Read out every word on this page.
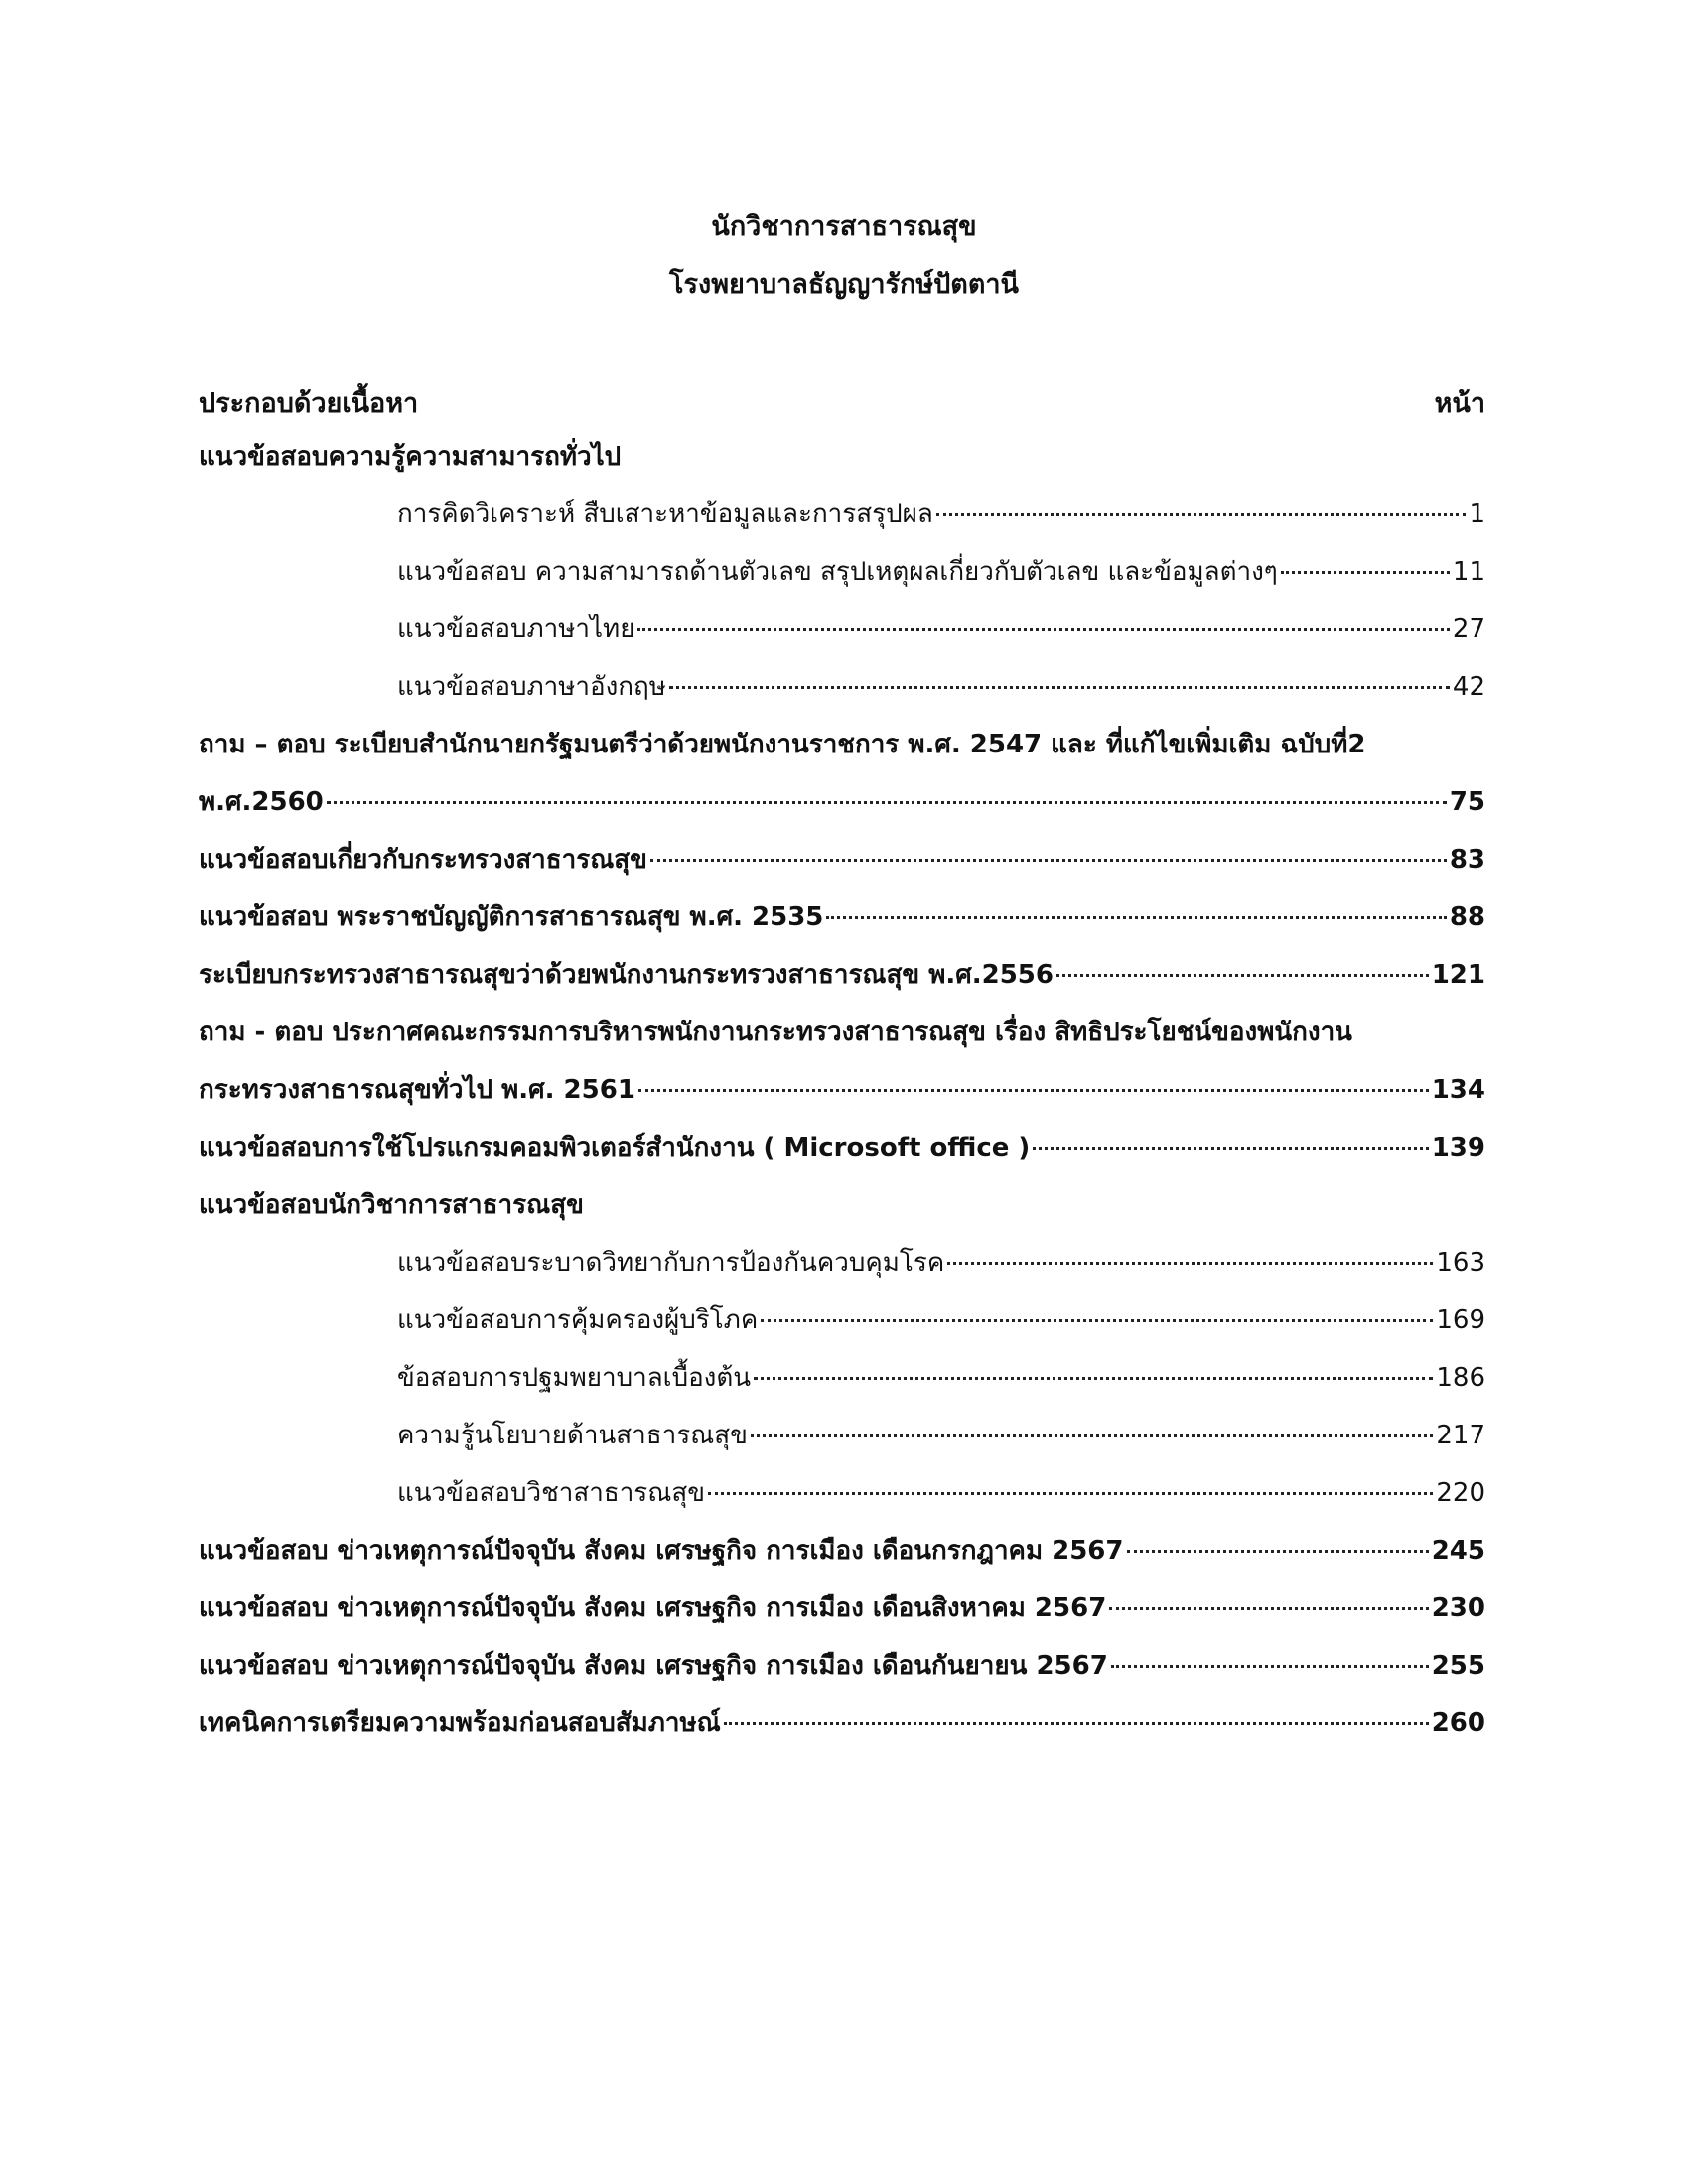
นักวิชาการสาธารณสุข
โรงพยาบาลธัญญารักษ์ปัตตานี
ประกอบด้วยเนื้อหา	หน้า
แนวข้อสอบความรู้ความสามารถทั่วไป
การคิดวิเคราะห์ สืบเสาะหาข้อมูลและการสรุปผล	1
แนวข้อสอบ ความสามารถด้านตัวเลข สรุปเหตุผลเกี่ยวกับตัวเลข และข้อมูลต่างๆ	11
แนวข้อสอบภาษาไทย	27
แนวข้อสอบภาษาอังกฤษ	42
ถาม – ตอบ ระเบียบสำนักนายกรัฐมนตรีว่าด้วยพนักงานราชการ พ.ศ. 2547 และ ที่แก้ไขเพิ่มเติม ฉบับที่2
พ.ศ.2560	75
แนวข้อสอบเกี่ยวกับกระทรวงสาธารณสุข	83
แนวข้อสอบ พระราชบัญญัติการสาธารณสุข พ.ศ. 2535	88
ระเบียบกระทรวงสาธารณสุขว่าด้วยพนักงานกระทรวงสาธารณสุข พ.ศ.2556	121
ถาม - ตอบ ประกาศคณะกรรมการบริหารพนักงานกระทรวงสาธารณสุข เรื่อง สิทธิประโยชน์ของพนักงาน
กระทรวงสาธารณสุขทั่วไป พ.ศ. 2561	134
แนวข้อสอบการใช้โปรแกรมคอมพิวเตอร์สำนักงาน ( Microsoft office )	139
แนวข้อสอบนักวิชาการสาธารณสุข
แนวข้อสอบระบาดวิทยากับการป้องกันควบคุมโรค	163
แนวข้อสอบการคุ้มครองผู้บริโภค	169
ข้อสอบการปฐมพยาบาลเบื้องต้น	186
ความรู้นโยบายด้านสาธารณสุข	217
แนวข้อสอบวิชาสาธารณสุข	220
แนวข้อสอบ ข่าวเหตุการณ์ปัจจุบัน สังคม เศรษฐกิจ การเมือง เดือนกรกฎาคม 2567	245
แนวข้อสอบ ข่าวเหตุการณ์ปัจจุบัน สังคม เศรษฐกิจ การเมือง เดือนสิงหาคม 2567	230
แนวข้อสอบ ข่าวเหตุการณ์ปัจจุบัน สังคม เศรษฐกิจ การเมือง เดือนกันยายน 2567	255
เทคนิคการเตรียมความพร้อมก่อนสอบสัมภาษณ์	260
